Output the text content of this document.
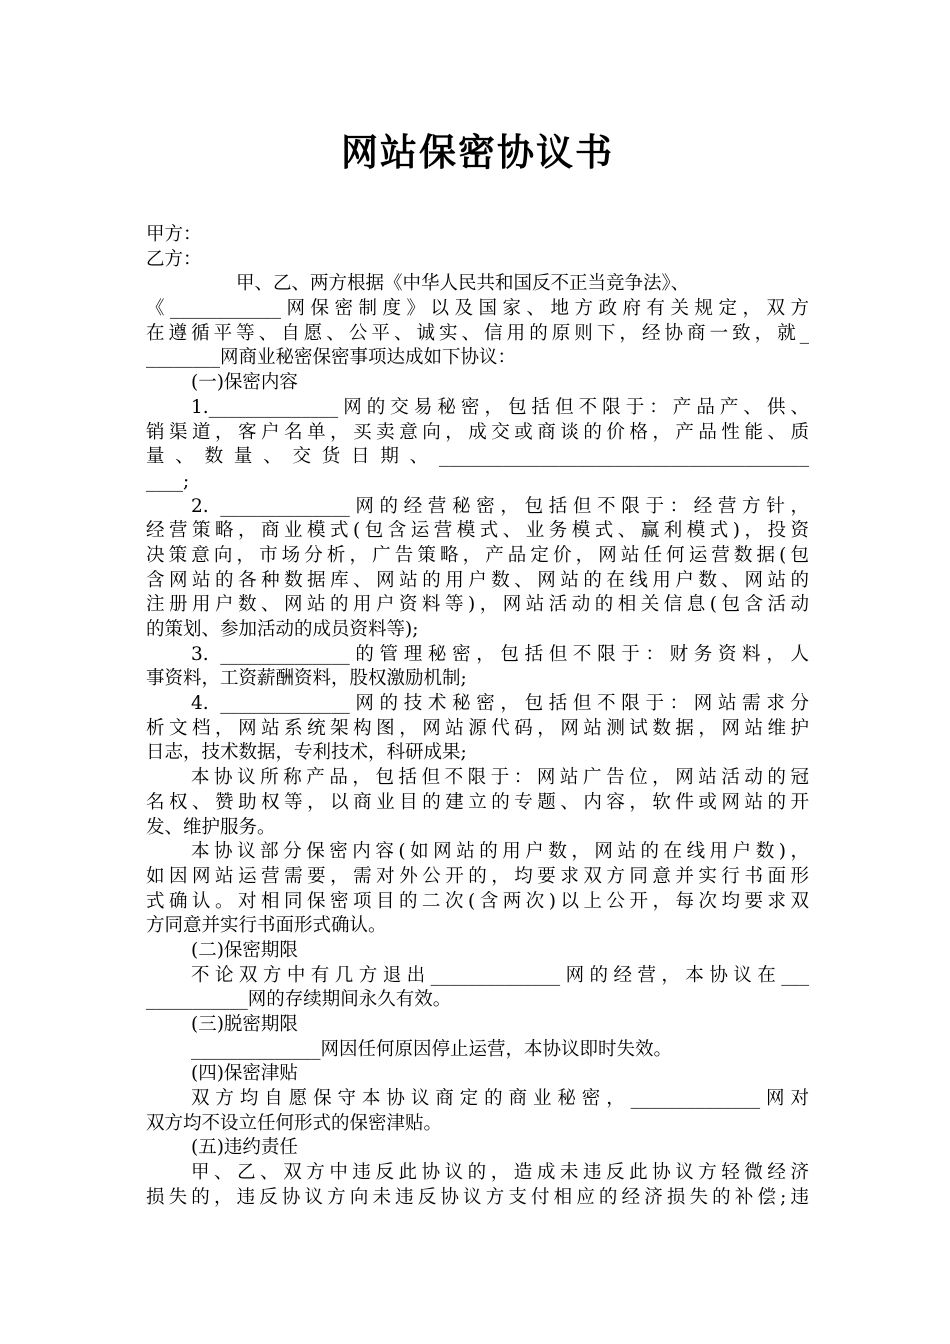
网站保密协议书
甲方：
乙方：
甲、乙、两方根据《中华人民共和国反不正当竞争法》、
《____________网保密制度》以及国家、地方政府有关规定，双方
在遵循平等、自愿、公平、诚实、信用的原则下，经协商一致，就_
________网商业秘密保密事项达成如下协议：
(一)保密内容
1.______________网的交易秘密，包括但不限于：产品产、供、
销渠道，客户名单，买卖意向，成交或商谈的价格，产品性能、质
量、数量、交货日期、________________________________________
____;
2. ______________网的经营秘密，包括但不限于：经营方针，
经营策略，商业模式(包含运营模式、业务模式、赢利模式)，投资
决策意向，市场分析，广告策略，产品定价，网站任何运营数据(包
含网站的各种数据库、网站的用户数、网站的在线用户数、网站的
注册用户数、网站的用户资料等)，网站活动的相关信息(包含活动
的策划、参加活动的成员资料等);
3. ______________的管理秘密，包括但不限于：财务资料，人
事资料，工资薪酬资料，股权激励机制;
4. ______________网的技术秘密，包括但不限于：网站需求分
析文档，网站系统架构图，网站源代码，网站测试数据，网站维护
日志，技术数据，专利技术，科研成果;
本协议所称产品，包括但不限于：网站广告位，网站活动的冠
名权、赞助权等，以商业目的建立的专题、内容，软件或网站的开
发、维护服务。
本协议部分保密内容(如网站的用户数，网站的在线用户数)，
如因网站运营需要，需对外公开的，均要求双方同意并实行书面形
式确认。对相同保密项目的二次(含两次)以上公开，每次均要求双
方同意并实行书面形式确认。
(二)保密期限
不论双方中有几方退出______________网的经营，本协议在___
___________网的存续期间永久有效。
(三)脱密期限
______________网因任何原因停止运营，本协议即时失效。
(四)保密津贴
双方均自愿保守本协议商定的商业秘密，______________网对
双方均不设立任何形式的保密津贴。
(五)违约责任
甲、乙、双方中违反此协议的，造成未违反此协议方轻微经济
损失的，违反协议方向未违反协议方支付相应的经济损失的补偿;违
